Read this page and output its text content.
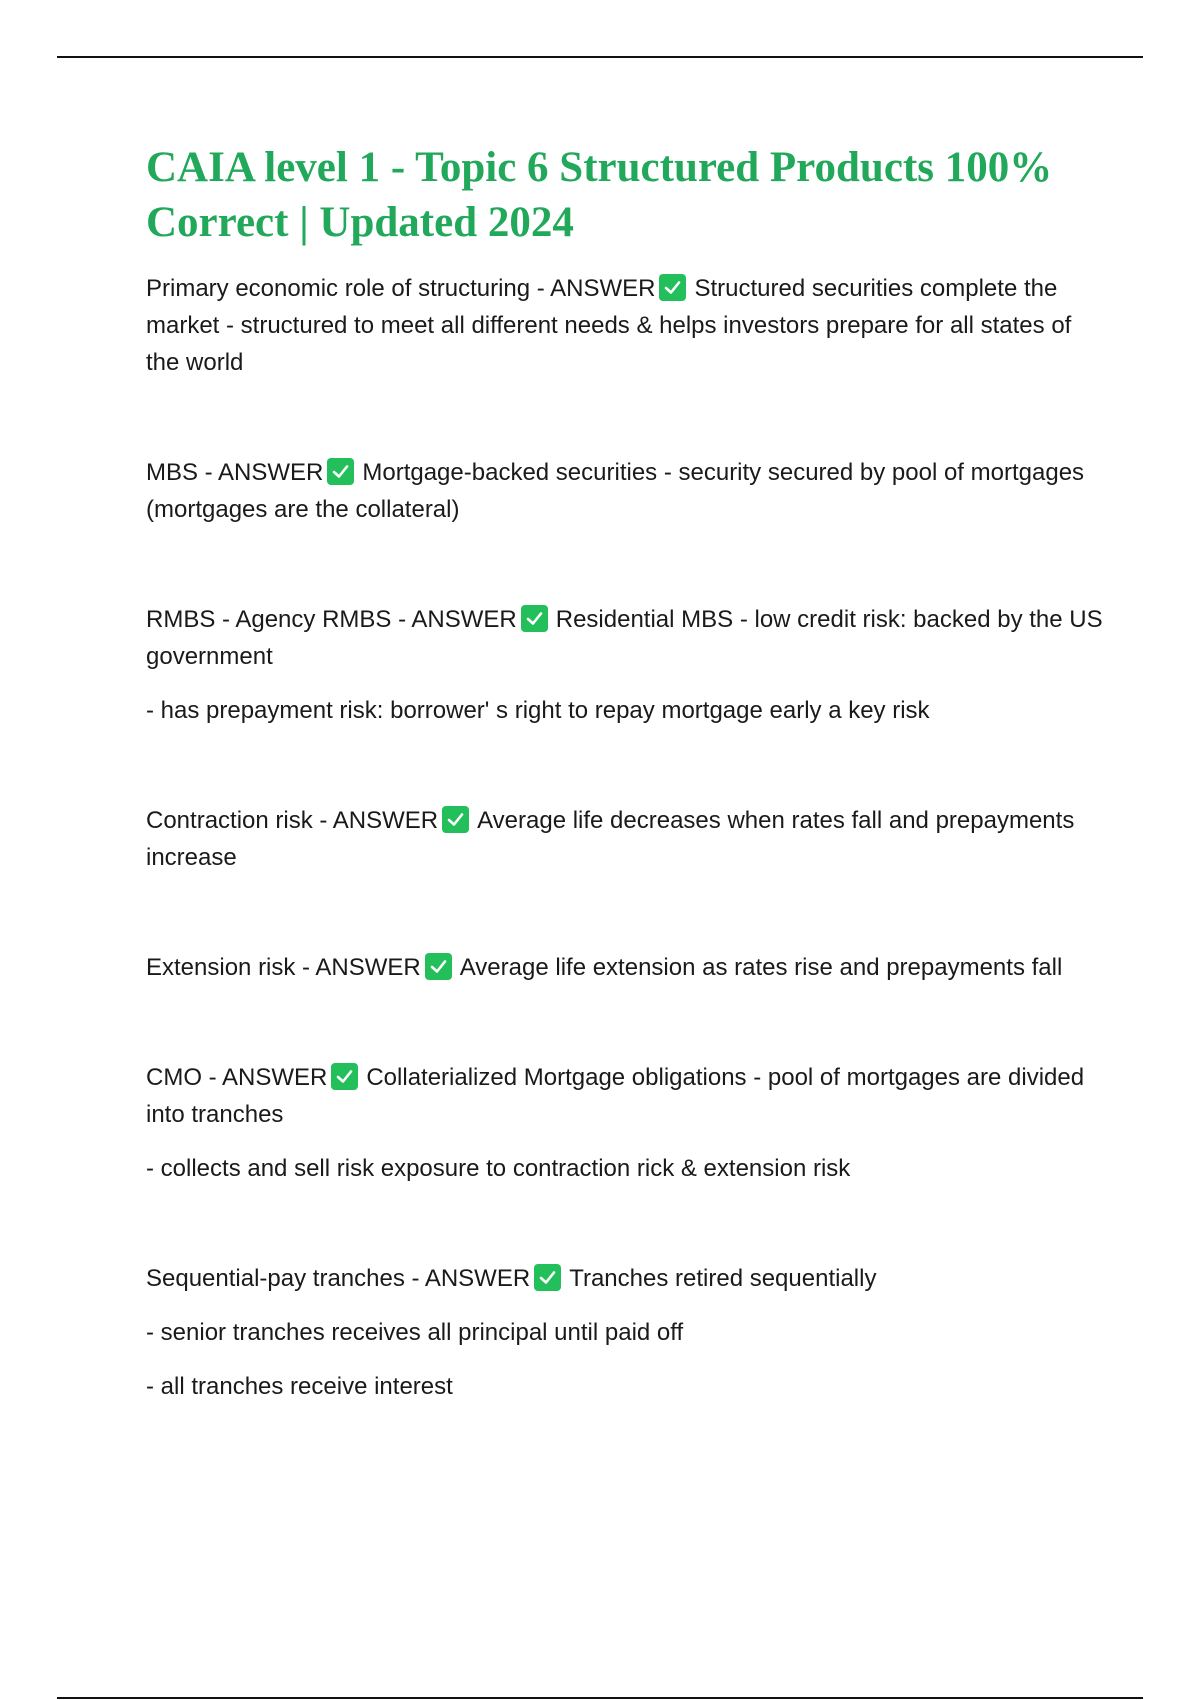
CAIA level 1 - Topic 6 Structured Products 100% Correct | Updated 2024

Primary economic role of structuring - ANSWER Structured securities complete the market - structured to meet all different needs & helps investors prepare for all states of the world

MBS - ANSWER Mortgage-backed securities - security secured by pool of mortgages (mortgages are the collateral)

RMBS - Agency RMBS - ANSWER Residential MBS - low credit risk: backed by the US government

- has prepayment risk: borrower' s right to repay mortgage early a key risk

Contraction risk - ANSWER Average life decreases when rates fall and prepayments increase

Extension risk - ANSWER Average life extension as rates rise and prepayments fall

CMO - ANSWER Collaterialized Mortgage obligations - pool of mortgages are divided into tranches

- collects and sell risk exposure to contraction rick & extension risk

Sequential-pay tranches - ANSWER Tranches retired sequentially

- senior tranches receives all principal until paid off

- all tranches receive interest
